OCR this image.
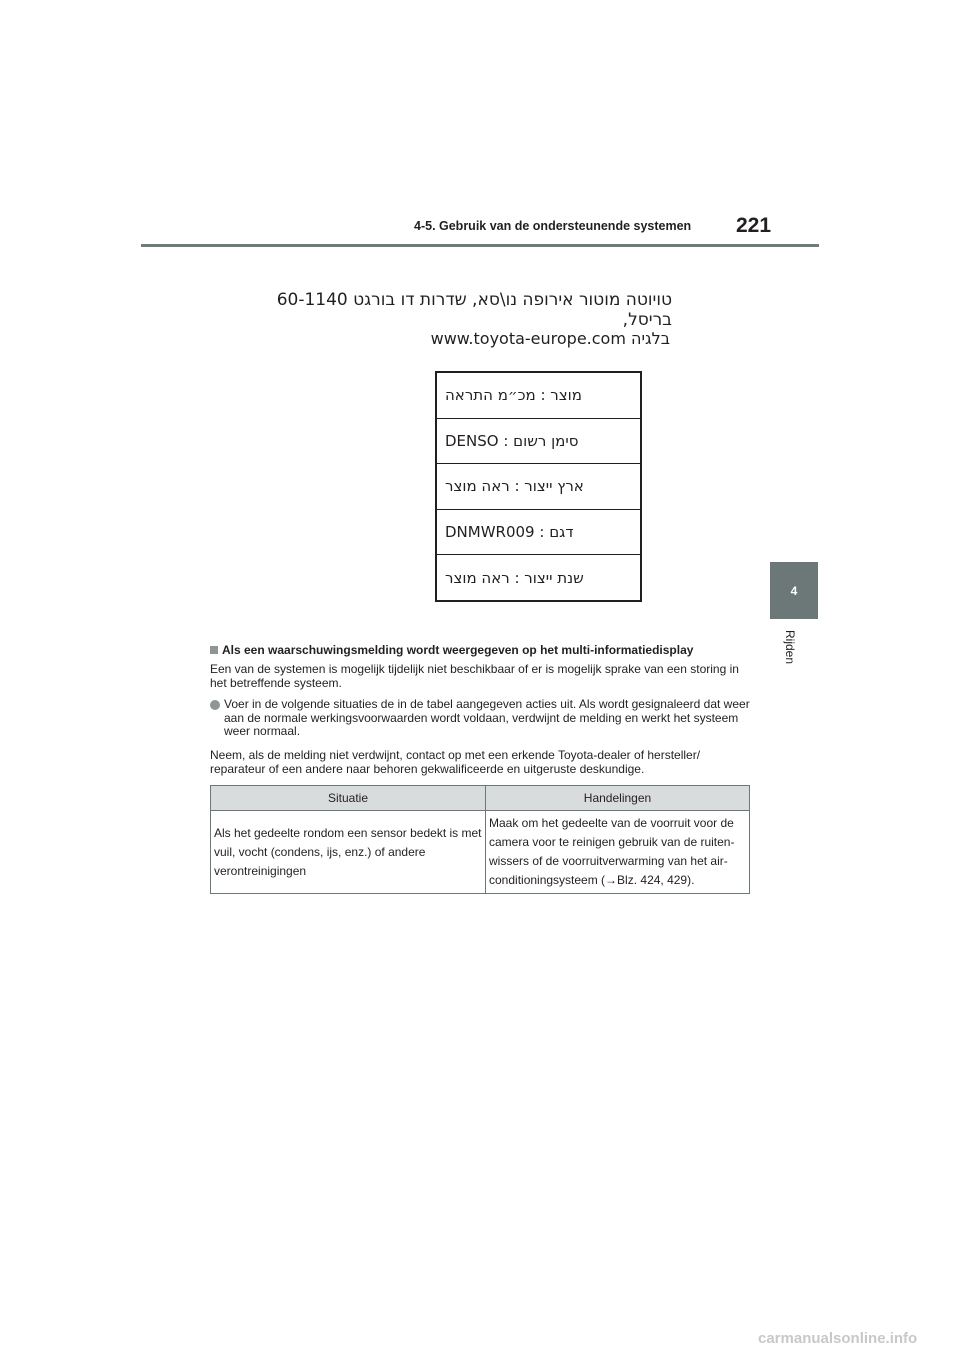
4-5. Gebruik van de ondersteunende systemen 221
4
Rijden
טויוטה מוטור אירופה נו\סא, שדרות דו בורגט 60-1140 בריסל,
בלגיה www.toyota-europe.com
מוצר : מכ״מ התראה
סימן רשום : DENSO
ארץ ייצור : ראה מוצר
דגם : DNMWR009
שנת ייצור : ראה מוצר
Als een waarschuwingsmelding wordt weergegeven op het multi-informatiedisplay
Een van de systemen is mogelijk tijdelijk niet beschikbaar of er is mogelijk sprake van een storing in het betreffende systeem.
Voer in de volgende situaties de in de tabel aangegeven acties uit. Als wordt gesignaleerd dat weer aan de normale werkingsvoorwaarden wordt voldaan, verdwijnt de melding en werkt het systeem weer normaal.
Neem, als de melding niet verdwijnt, contact op met een erkende Toyota-dealer of hersteller/ reparateur of een andere naar behoren gekwalificeerde en uitgeruste deskundige.
Situatie	Handelingen
Als het gedeelte rondom een sensor bedekt is met vuil, vocht (condens, ijs, enz.) of andere verontreinigingen	Maak om het gedeelte van de voorruit voor de camera voor te reinigen gebruik van de ruiten-wissers of de voorruitverwarming van het air-conditioningsysteem (→Blz. 424, 429).
carmanualsonline.info
